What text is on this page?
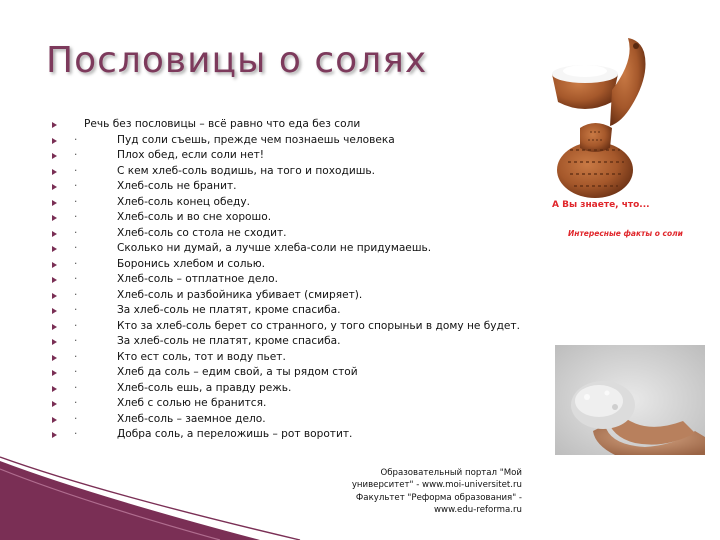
Пословицы о солях
Речь без пословицы – всё равно что еда без соли
·	Пуд соли съешь, прежде чем познаешь человека
·	Плох обед, если соли нет!
·	С кем хлеб-соль водишь, на того и походишь.
·	Хлеб-соль не бранит.
·	Хлеб-соль конец обеду.
·	Хлеб-соль и во сне хорошо.
·	Хлеб-соль со стола не сходит.
·	Сколько ни думай, а лучше хлеба-соли не придумаешь.
·	Боронись хлебом и солью.
·	Хлеб-соль – отплатное дело.
·	Хлеб-соль и разбойника убивает (смиряет).
·	За хлеб-соль не платят, кроме спасиба.
·	Кто за хлеб-соль берет со странного, у того спорыньи в дому не будет.
·	За хлеб-соль не платят, кроме спасиба.
·	Кто ест соль, тот и воду пьет.
·	Хлеб да соль – едим свой, а ты рядом стой
·	Хлеб-соль ешь, а правду режь.
·	Хлеб с солью не бранится.
·	Хлеб-соль – заемное дело.
·	Добра соль, а переложишь – рот воротит.

А Вы знаете, что...

Интересные факты о соли

Образовательный портал "Мой университет" - www.moi-universitet.ru Факультет "Реформа образования" - www.edu-reforma.ru
